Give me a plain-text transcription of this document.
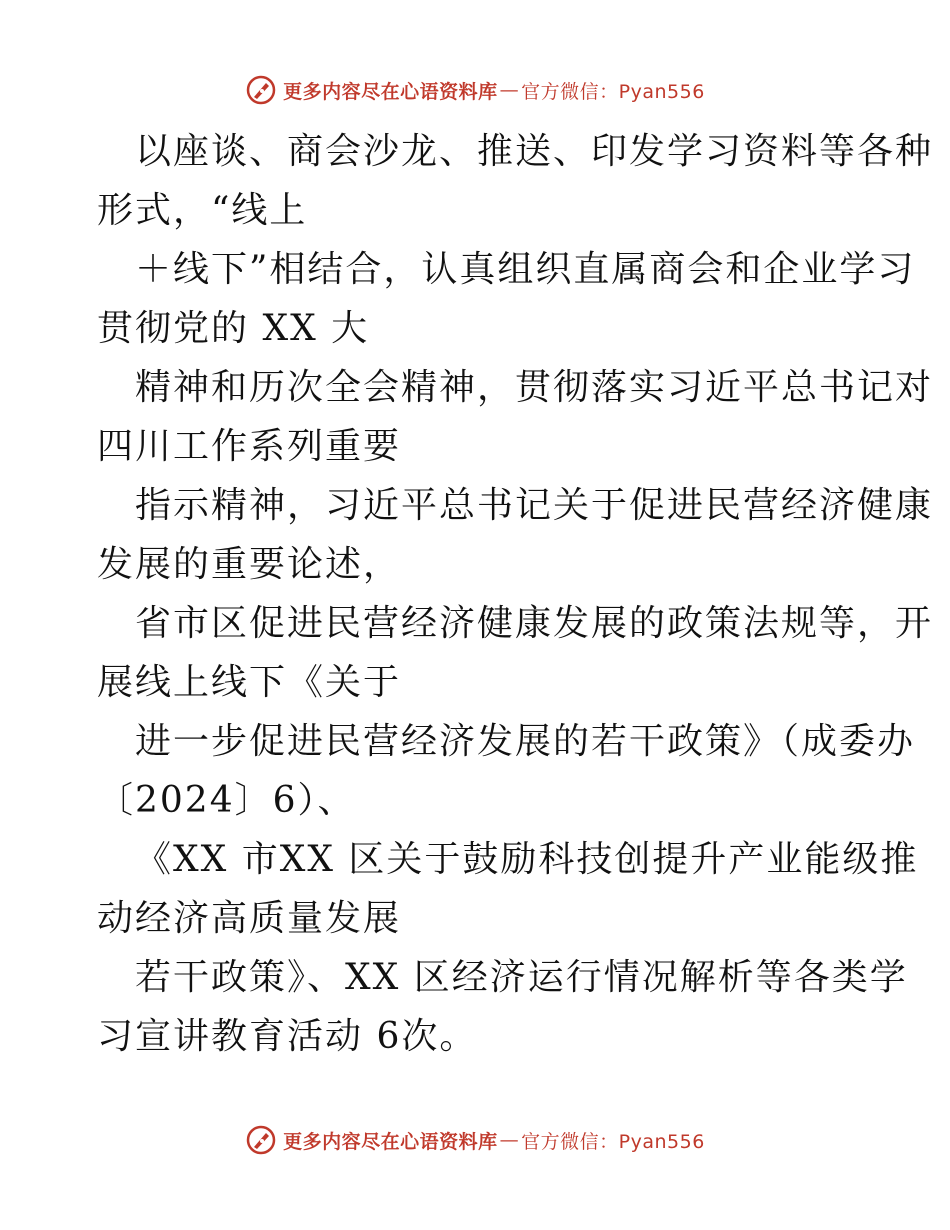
更多内容尽在心语资料库 — 官方微信：Pyan556
以座谈、商会沙龙、推送、印发学习资料等各种
形式，“线上
＋线下”相结合，认真组织直属商会和企业学习
贯彻党的 XX 大
精神和历次全会精神，贯彻落实习近平总书记对
四川工作系列重要
指示精神，习近平总书记关于促进民营经济健康
发展的重要论述，
省市区促进民营经济健康发展的政策法规等，开
展线上线下《关于
进一步促进民营经济发展的若干政策》（成委办
〔2024〕6）、
《XX 市XX 区关于鼓励科技创提升产业能级推
动经济高质量发展
若干政策》、XX 区经济运行情况解析等各类学
习宣讲教育活动 6次。
更多内容尽在心语资料库 — 官方微信：Pyan556
